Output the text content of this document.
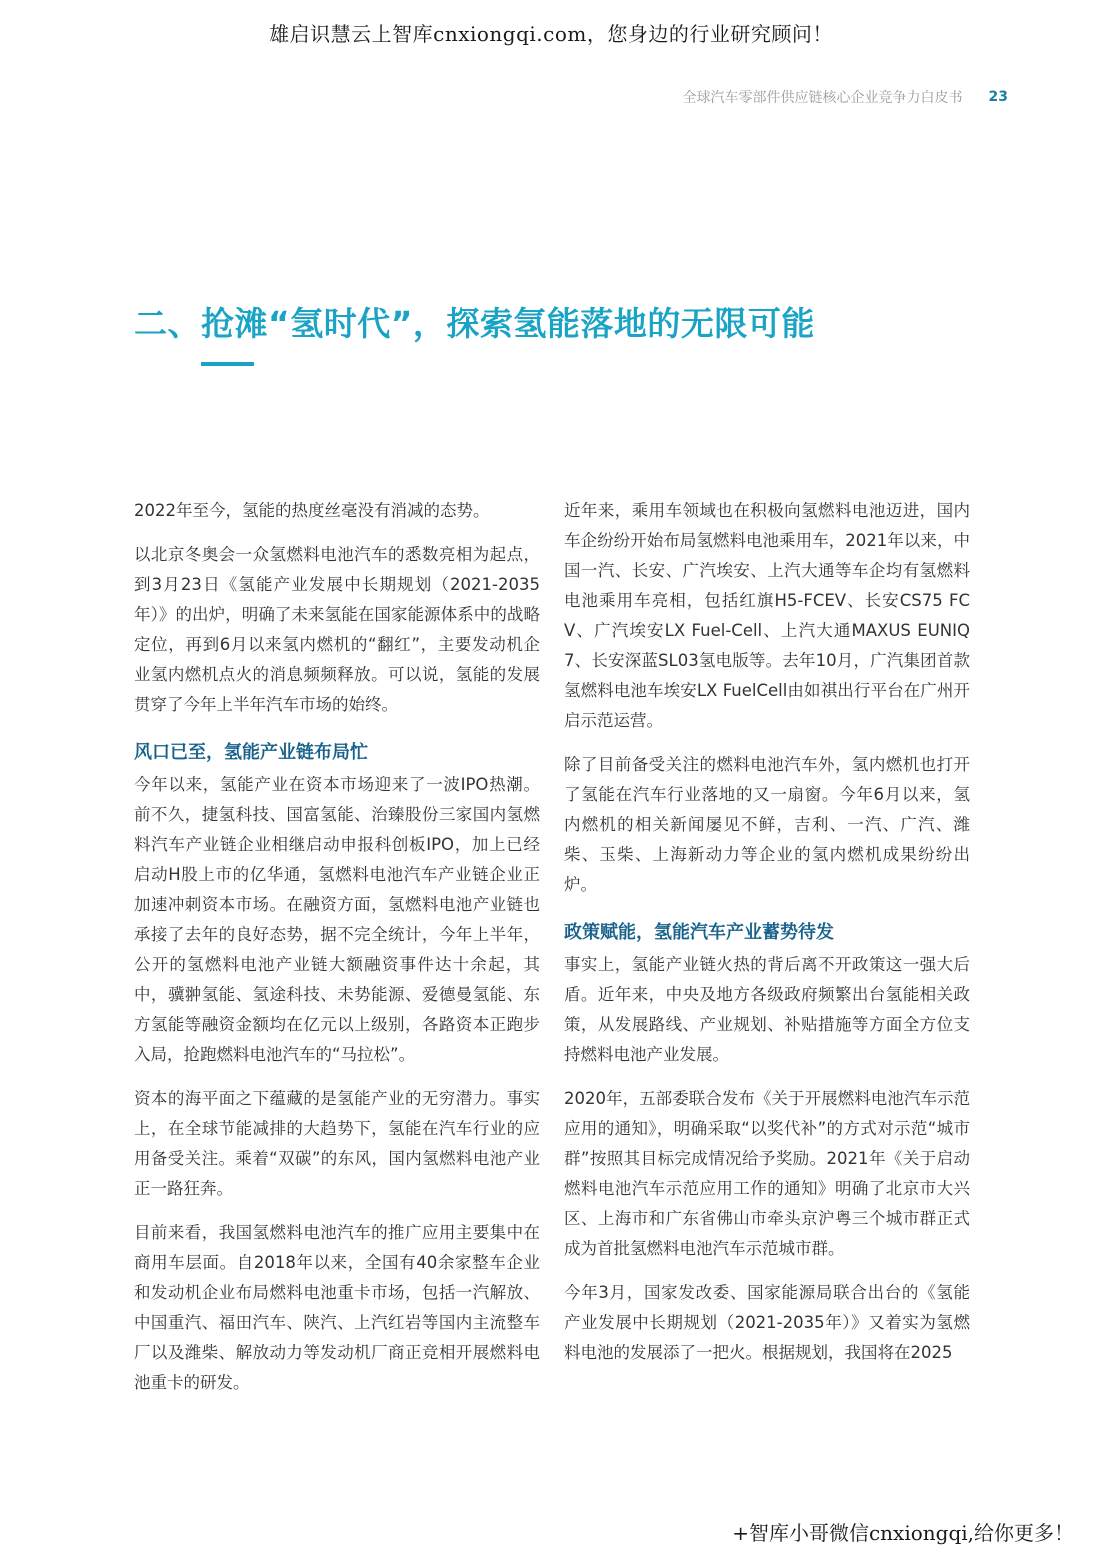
雄启识慧云上智库cnxiongqi.com，您身边的行业研究顾问！
全球汽车零部件供应链核心企业竞争力白皮书 23
二、抢滩“氢时代”，探索氢能落地的无限可能

2022年至今，氢能的热度丝毫没有消减的态势。

以北京冬奥会一众氢燃料电池汽车的悉数亮相为起点，到3月23日《氢能产业发展中长期规划（2021-2035年）》的出炉，明确了未来氢能在国家能源体系中的战略定位，再到6月以来氢内燃机的“翻红”，主要发动机企业氢内燃机点火的消息频频释放。可以说，氢能的发展贯穿了今年上半年汽车市场的始终。

风口已至，氢能产业链布局忙

今年以来，氢能产业在资本市场迎来了一波IPO热潮。前不久，捷氢科技、国富氢能、治臻股份三家国内氢燃料汽车产业链企业相继启动申报科创板IPO，加上已经启动H股上市的亿华通，氢燃料电池汽车产业链企业正加速冲刺资本市场。在融资方面，氢燃料电池产业链也承接了去年的良好态势，据不完全统计，今年上半年，公开的氢燃料电池产业链大额融资事件达十余起，其中，骥翀氢能、氢途科技、未势能源、爱德曼氢能、东方氢能等融资金额均在亿元以上级别，各路资本正跑步入局，抢跑燃料电池汽车的“马拉松”。

资本的海平面之下蕴藏的是氢能产业的无穷潜力。事实上，在全球节能减排的大趋势下，氢能在汽车行业的应用备受关注。乘着“双碳”的东风，国内氢燃料电池产业正一路狂奔。

目前来看，我国氢燃料电池汽车的推广应用主要集中在商用车层面。自2018年以来，全国有40余家整车企业和发动机企业布局燃料电池重卡市场，包括一汽解放、中国重汽、福田汽车、陕汽、上汽红岩等国内主流整车厂以及潍柴、解放动力等发动机厂商正竞相开展燃料电池重卡的研发。

近年来，乘用车领域也在积极向氢燃料电池迈进，国内车企纷纷开始布局氢燃料电池乘用车，2021年以来，中国一汽、长安、广汽埃安、上汽大通等车企均有氢燃料电池乘用车亮相，包括红旗H5-FCEV、长安CS75 FCV、广汽埃安LX Fuel-Cell、上汽大通MAXUS EUNIQ7、长安深蓝SL03氢电版等。去年10月，广汽集团首款氢燃料电池车埃安LX FuelCell由如祺出行平台在广州开启示范运营。

除了目前备受关注的燃料电池汽车外，氢内燃机也打开了氢能在汽车行业落地的又一扇窗。今年6月以来，氢内燃机的相关新闻屡见不鲜，吉利、一汽、广汽、潍柴、玉柴、上海新动力等企业的氢内燃机成果纷纷出炉。

政策赋能，氢能汽车产业蓄势待发

事实上，氢能产业链火热的背后离不开政策这一强大后盾。近年来，中央及地方各级政府频繁出台氢能相关政策，从发展路线、产业规划、补贴措施等方面全方位支持燃料电池产业发展。

2020年，五部委联合发布《关于开展燃料电池汽车示范应用的通知》，明确采取“以奖代补”的方式对示范“城市群”按照其目标完成情况给予奖励。2021年《关于启动燃料电池汽车示范应用工作的通知》明确了北京市大兴区、上海市和广东省佛山市牵头京沪粤三个城市群正式成为首批氢燃料电池汽车示范城市群。

今年3月，国家发改委、国家能源局联合出台的《氢能产业发展中长期规划（2021-2035年）》又着实为氢燃料电池的发展添了一把火。根据规划，我国将在2025

+智库小哥微信cnxiongqi,给你更多！
